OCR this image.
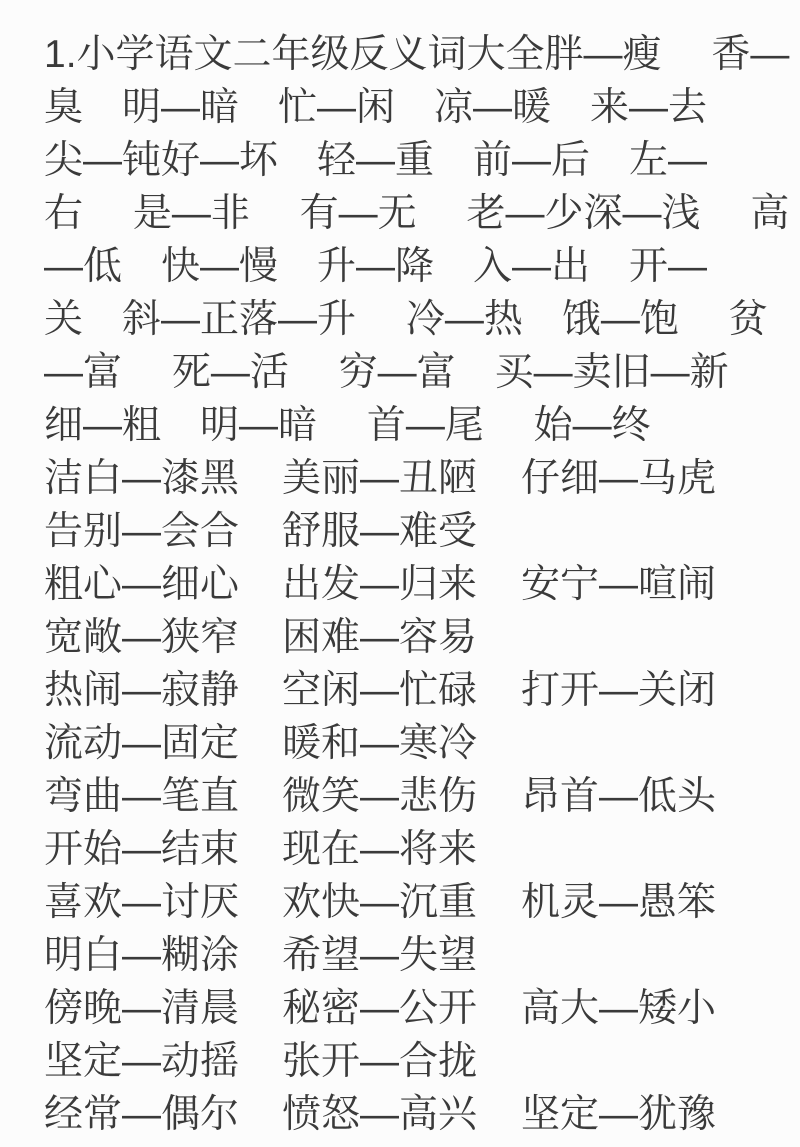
1.小学语文二年级反义词大全胖—瘦　 香—
臭　明—暗　忙—闲　凉—暖　来—去
尖—钝好—坏　轻—重　前—后　左—
右　 是—非　 有—无　 老—少深—浅　 高
—低　快—慢　升—降　入—出　开—
关　斜—正落—升　 冷—热　饿—饱　 贫
—富　 死—活　 穷—富　买—卖旧—新
细—粗　明—暗　 首—尾　 始—终
洁白—漆黑	美丽—丑陋	仔细—马虎
告别—会合	舒服—难受
粗心—细心	出发—归来	安宁—喧闹
宽敞—狭窄	困难—容易
热闹—寂静	空闲—忙碌	打开—关闭
流动—固定	暖和—寒冷
弯曲—笔直	微笑—悲伤	昂首—低头
开始—结束	现在—将来
喜欢—讨厌	欢快—沉重	机灵—愚笨
明白—糊涂	希望—失望
傍晚—清晨	秘密—公开	高大—矮小
坚定—动摇	张开—合拢
经常—偶尔	愤怒—高兴	坚定—犹豫
